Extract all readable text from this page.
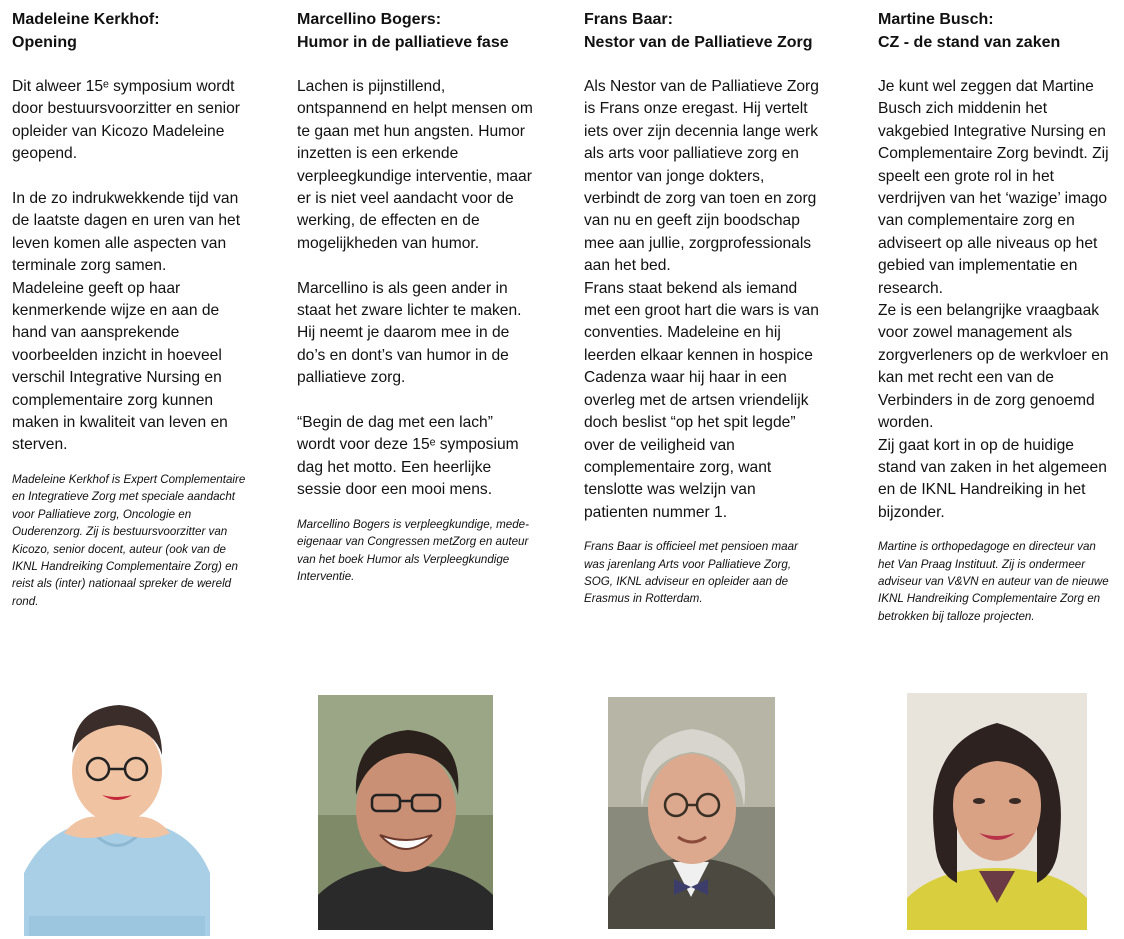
Madeleine Kerkhof:
Opening

Dit alweer 15ᵉ symposium wordt door bestuursvoorzitter en senior opleider van Kicozo Madeleine geopend.

In de zo indrukwekkende tijd van de laatste dagen en uren van het leven komen alle aspecten van terminale zorg samen.

Madeleine geeft op haar kenmerkende wijze en aan de hand van aansprekende voorbeelden inzicht in hoeveel verschil Integrative Nursing en complementaire zorg kunnen maken in kwaliteit van leven en sterven.

Madeleine Kerkhof is Expert Complementaire en Integratieve Zorg met speciale aandacht voor Palliatieve zorg, Oncologie en Ouderenzorg. Zij is bestuursvoorzitter van Kicozo, senior docent, auteur (ook van de IKNL Handreiking Complementaire Zorg) en reist als (inter) nationaal spreker de wereld rond.
Marcellino Bogers:
Humor in de palliatieve fase

Lachen is pijnstillend, ontspannend en helpt mensen om te gaan met hun angsten. Humor inzetten is een erkende verpleegkundige interventie, maar er is niet veel aandacht voor de werking, de effecten en de mogelijkheden van humor.

Marcellino is als geen ander in staat het zware lichter te maken. Hij neemt je daarom mee in de do’s en dont’s van humor in de palliatieve zorg.

“Begin de dag met een lach” wordt voor deze 15ᵉ symposium dag het motto. Een heerlijke sessie door een mooi mens.

Marcellino Bogers is verpleegkundige, mede-eigenaar van Congressen metZorg en auteur van het boek Humor als Verpleegkundige Interventie.
Frans Baar:
Nestor van de Palliatieve Zorg

Als Nestor van de Palliatieve Zorg is Frans onze eregast. Hij vertelt iets over zijn decennia lange werk als arts voor palliatieve zorg en mentor van jonge dokters, verbindt de zorg van toen en zorg van nu en geeft zijn boodschap mee aan jullie, zorgprofessionals aan het bed.

Frans staat bekend als iemand met een groot hart die wars is van conventies. Madeleine en hij leerden elkaar kennen in hospice Cadenza waar hij haar in een overleg met de artsen vriendelijk doch beslist “op het spit legde” over de veiligheid van complementaire zorg, want tenslotte was welzijn van patienten nummer 1.

Frans Baar is officieel met pensioen maar was jarenlang Arts voor Palliatieve Zorg, SOG, IKNL adviseur en opleider aan de Erasmus in Rotterdam.
Martine Busch:
CZ - de stand van zaken

Je kunt wel zeggen dat Martine Busch zich middenin het vakgebied Integrative Nursing en Complementaire Zorg bevindt. Zij speelt een grote rol in het verdrijven van het ‘wazige’ imago van complementaire zorg en adviseert op alle niveaus op het gebied van implementatie en research.

Ze is een belangrijke vraagbaak voor zowel management als zorgverleners op de werkvloer en kan met recht een van de Verbinders in de zorg genoemd worden.

Zij gaat kort in op de huidige stand van zaken in het algemeen en de IKNL Handreiking in het bijzonder.

Martine is orthopedagoge en directeur van het Van Praag Instituut. Zij is ondermeer adviseur van V&VN en auteur van de nieuwe IKNL Handreiking Complementaire Zorg en betrokken bij talloze projecten.
